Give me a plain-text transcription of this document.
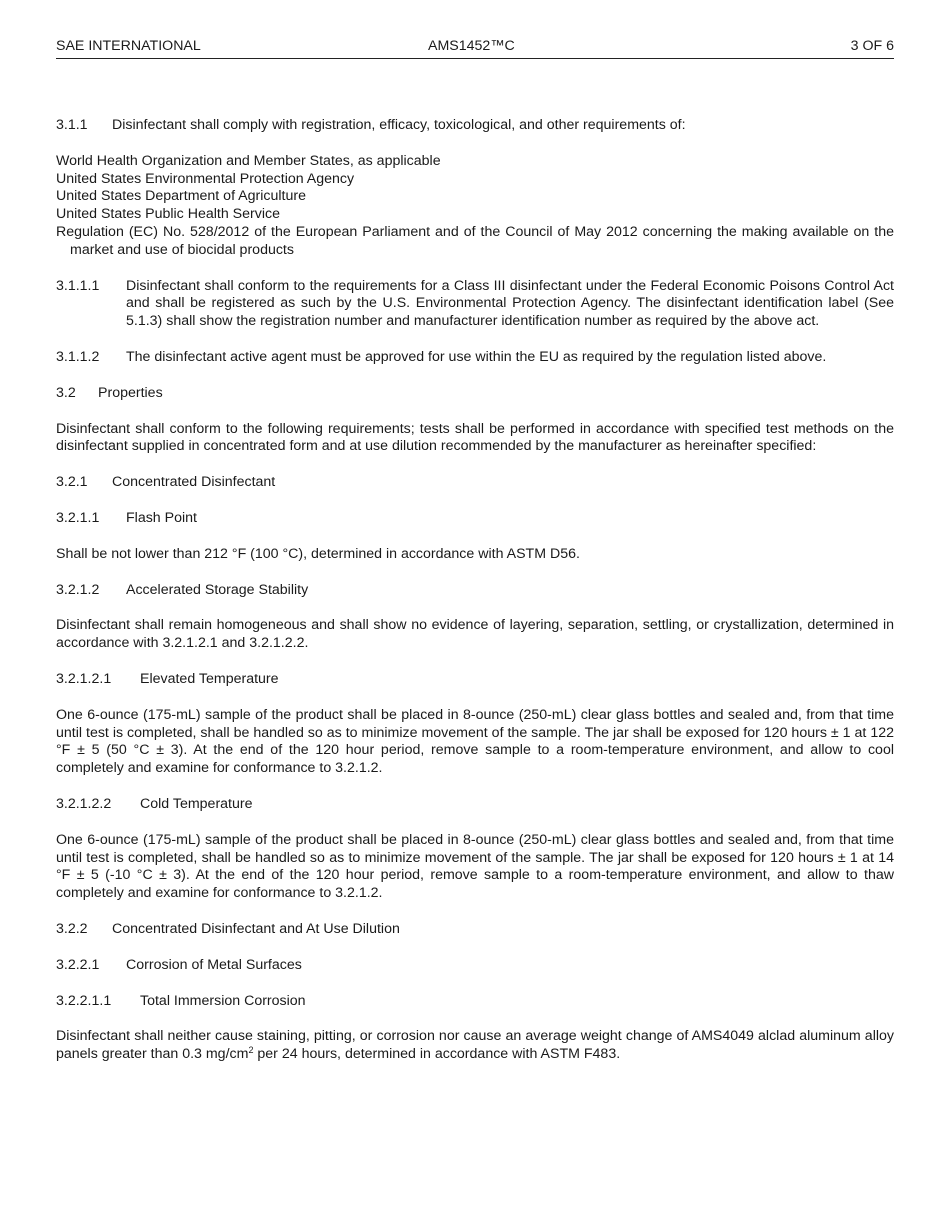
SAE INTERNATIONAL	AMS1452™C	3 OF 6
3.1.1	Disinfectant shall comply with registration, efficacy, toxicological, and other requirements of:

World Health Organization and Member States, as applicable

United States Environmental Protection Agency

United States Department of Agriculture

United States Public Health Service

Regulation (EC) No. 528/2012 of the European Parliament and of the Council of May 2012 concerning the making available on the market and use of biocidal products

3.1.1.1	Disinfectant shall conform to the requirements for a Class III disinfectant under the Federal Economic Poisons Control Act and shall be registered as such by the U.S. Environmental Protection Agency. The disinfectant identification label (See 5.1.3) shall show the registration number and manufacturer identification number as required by the above act.
3.1.1.2	The disinfectant active agent must be approved for use within the EU as required by the regulation listed above.
3.2	Properties

Disinfectant shall conform to the following requirements; tests shall be performed in accordance with specified test methods on the disinfectant supplied in concentrated form and at use dilution recommended by the manufacturer as hereinafter specified:

3.2.1	Concentrated Disinfectant
3.2.1.1	Flash Point

Shall be not lower than 212 °F (100 °C), determined in accordance with ASTM D56.

3.2.1.2	Accelerated Storage Stability

Disinfectant shall remain homogeneous and shall show no evidence of layering, separation, settling, or crystallization, determined in accordance with 3.2.1.2.1 and 3.2.1.2.2.

3.2.1.2.1	Elevated Temperature

One 6-ounce (175-mL) sample of the product shall be placed in 8-ounce (250-mL) clear glass bottles and sealed and, from that time until test is completed, shall be handled so as to minimize movement of the sample. The jar shall be exposed for 120 hours ± 1 at 122 °F ± 5 (50 °C ± 3). At the end of the 120 hour period, remove sample to a room-temperature environment, and allow to cool completely and examine for conformance to 3.2.1.2.

3.2.1.2.2	Cold Temperature

One 6-ounce (175-mL) sample of the product shall be placed in 8-ounce (250-mL) clear glass bottles and sealed and, from that time until test is completed, shall be handled so as to minimize movement of the sample. The jar shall be exposed for 120 hours ± 1 at 14 °F ± 5 (-10 °C ± 3). At the end of the 120 hour period, remove sample to a room-temperature environment, and allow to thaw completely and examine for conformance to 3.2.1.2.

3.2.2	Concentrated Disinfectant and At Use Dilution
3.2.2.1	Corrosion of Metal Surfaces
3.2.2.1.1	Total Immersion Corrosion

Disinfectant shall neither cause staining, pitting, or corrosion nor cause an average weight change of AMS4049 alclad aluminum alloy panels greater than 0.3 $mg/cm^2$ per 24 hours, determined in accordance with ASTM F483.
